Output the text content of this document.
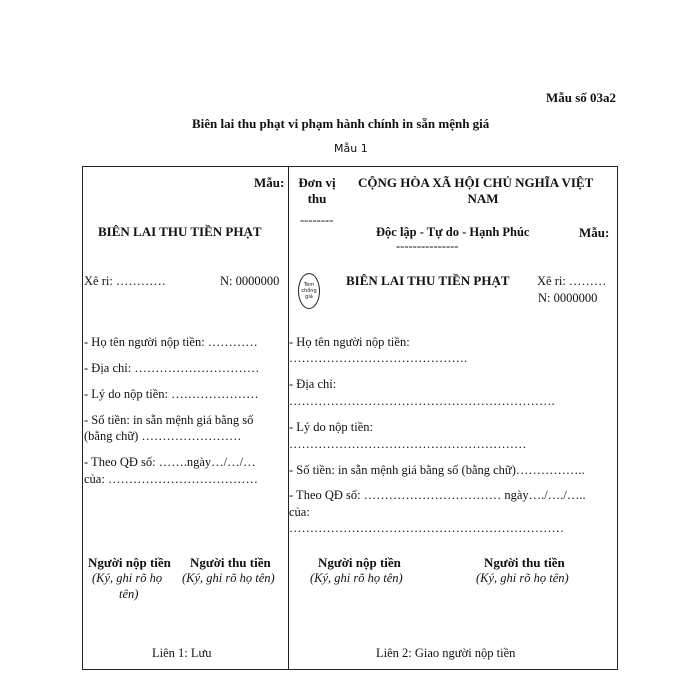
Mẫu số 03a2
Biên lai thu phạt vi phạm hành chính in sẵn mệnh giá
Mẫu 1
Mẫu:
BIÊN LAI THU TIỀN PHẠT
Xê ri: …………	N: 0000000
- Họ tên người nộp tiền: …………
- Địa chỉ: …………………………
- Lý do nộp tiền: …………………
- Số tiền: in sẵn mệnh giá bằng số
(bằng chữ) ……………………
- Theo QĐ số: …….ngày…/…/…
của: ………………………………
Người nộp tiền
(Ký, ghi rõ họ
tên)
Người thu tiền
(Ký, ghi rõ họ tên)
Liên 1: Lưu
Đơn vị
thu
--------
CỘNG HÒA XÃ HỘI CHỦ NGHĨA VIỆT
NAM
Độc lập - Tự do - Hạnh Phúc
---------------
Mẫu:
Tem chống giả
BIÊN LAI THU TIỀN PHẠT Xê ri: ………
N: 0000000
- Họ tên người nộp tiền:
…………………………………….
- Địa chỉ:
……………………………………………………….
- Lý do nộp tiền:
…………………………………………………
- Số tiền: in sẵn mệnh giá bằng số (bằng chữ)……………..
- Theo QĐ số: …………………………… ngày…./…./…..
của:
…………………………………………………………
Người nộp tiền
(Ký, ghi rõ họ tên)
Người thu tiền
(Ký, ghi rõ họ tên)
Liên 2: Giao người nộp tiền
